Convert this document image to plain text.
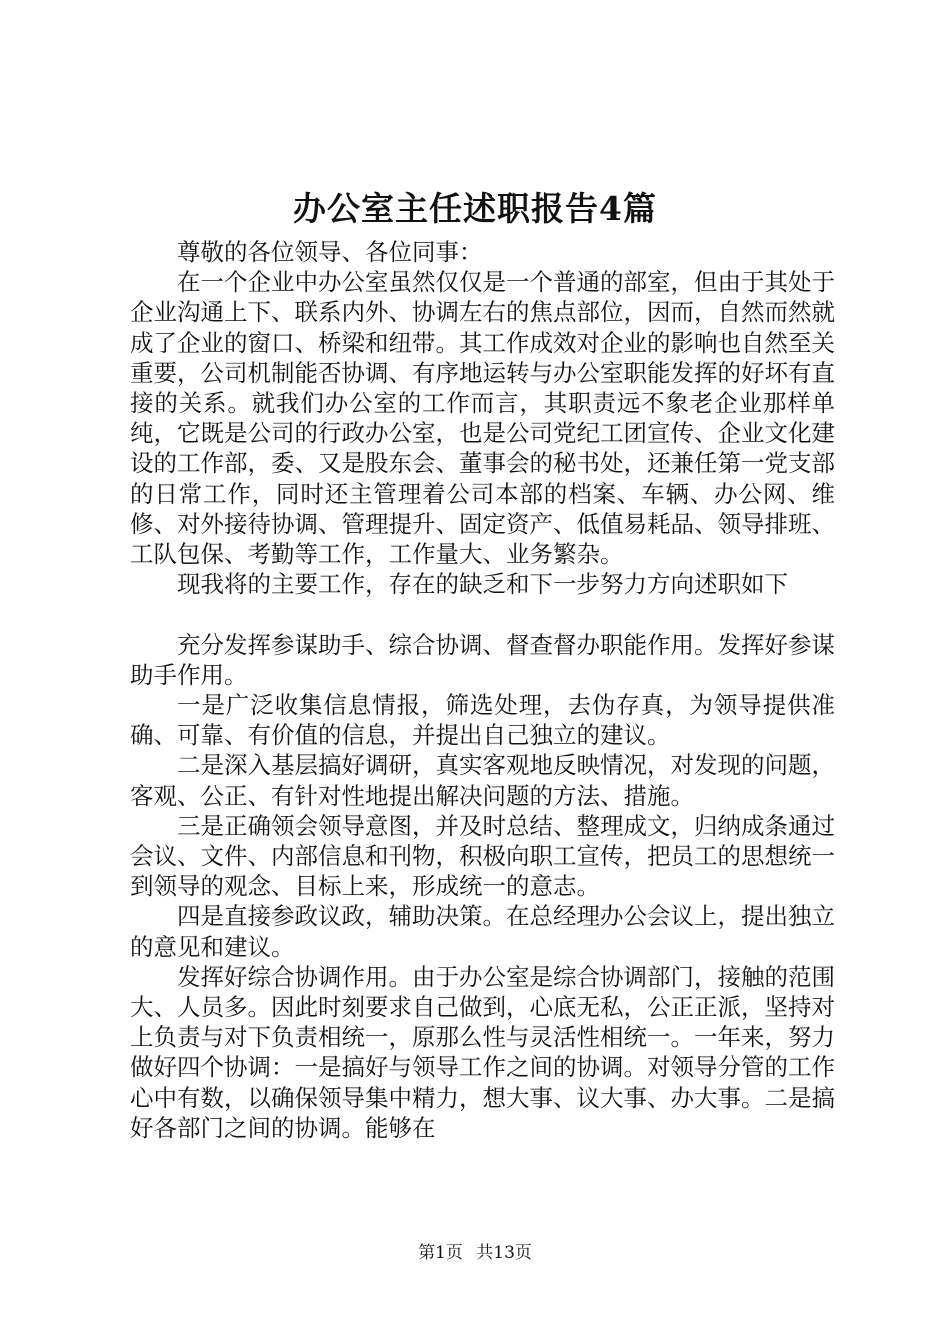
办公室主任述职报告4篇

尊敬的各位领导、各位同事：

在一个企业中办公室虽然仅仅是一个普通的部室，但由于其处于企业沟通上下、联系内外、协调左右的焦点部位，因而，自然而然就成了企业的窗口、桥梁和纽带。其工作成效对企业的影响也自然至关重要，公司机制能否协调、有序地运转与办公室职能发挥的好坏有直接的关系。就我们办公室的工作而言，其职责远不象老企业那样单纯，它既是公司的行政办公室，也是公司党纪工团宣传、企业文化建设的工作部，委、又是股东会、董事会的秘书处，还兼任第一党支部的日常工作，同时还主管理着公司本部的档案、车辆、办公网、维修、对外接待协调、管理提升、固定资产、低值易耗品、领导排班、工队包保、考勤等工作，工作量大、业务繁杂。

现我将的主要工作，存在的缺乏和下一步努力方向述职如下

充分发挥参谋助手、综合协调、督查督办职能作用。发挥好参谋助手作用。

一是广泛收集信息情报，筛选处理，去伪存真，为领导提供准确、可靠、有价值的信息，并提出自己独立的建议。

二是深入基层搞好调研，真实客观地反映情况，对发现的问题，客观、公正、有针对性地提出解决问题的方法、措施。

三是正确领会领导意图，并及时总结、整理成文，归纳成条通过会议、文件、内部信息和刊物，积极向职工宣传，把员工的思想统一到领导的观念、目标上来，形成统一的意志。

四是直接参政议政，辅助决策。在总经理办公会议上，提出独立的意见和建议。

发挥好综合协调作用。由于办公室是综合协调部门，接触的范围大、人员多。因此时刻要求自己做到，心底无私，公正正派，坚持对上负责与对下负责相统一，原那么性与灵活性相统一。一年来，努力做好四个协调：一是搞好与领导工作之间的协调。对领导分管的工作心中有数，以确保领导集中精力，想大事、议大事、办大事。二是搞好各部门之间的协调。能够在

第1页 共13页
